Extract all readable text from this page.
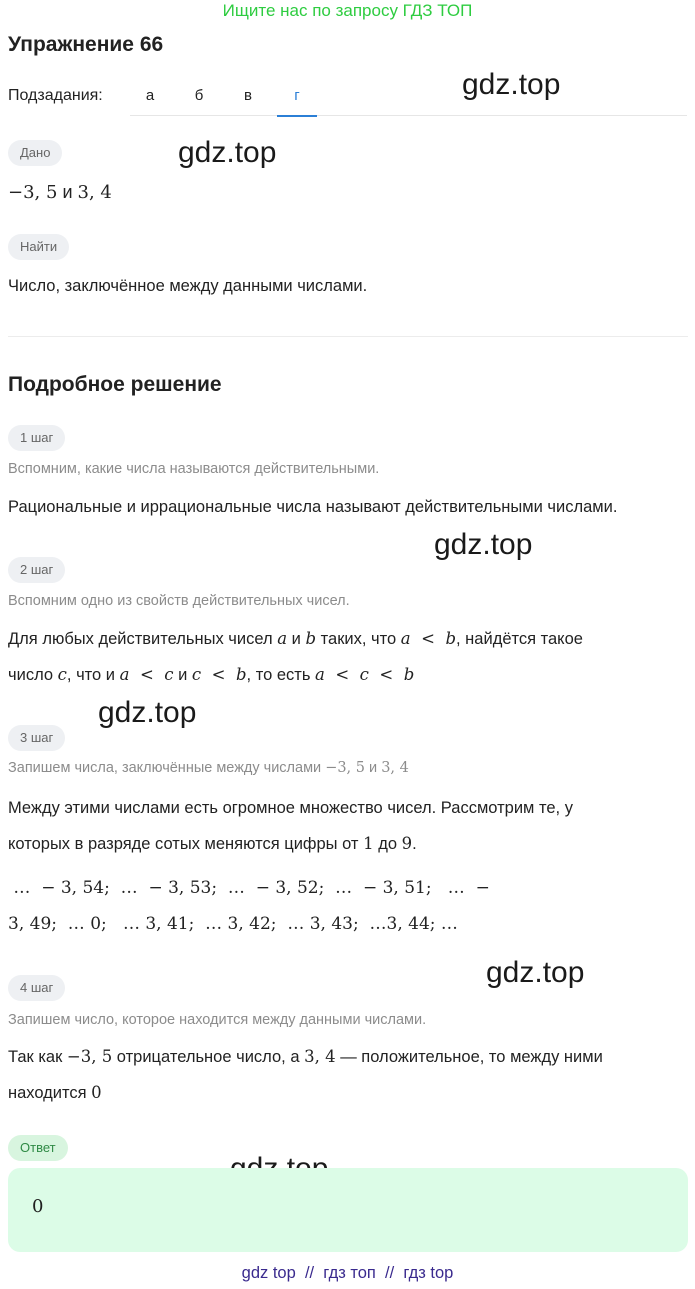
Ищите нас по запросу ГДЗ ТОП
Упражнение 66
Подзадания:	а	б	в	г	gdz.top
gdz.top
gdz.top
gdz.top
gdz.top
Дано
−3, 5 и 3, 4
Найти
Число, заключённое между данными числами.
Подробное решение
1 шаг
Вспомним, какие числа называются действительными.
Рациональные и иррациональные числа называют действительными числами.
2 шаг
Вспомним одно из свойств действительных чисел.
Для любых действительных чисел a и b таких, что a  <  b, найдётся такое
число c, что и a  <  c и c  <  b, то есть a  <  c  <  b
3 шаг
Запишем числа, заключённые между числами −3, 5 и 3, 4
Между этими числами есть огромное множество чисел. Рассмотрим те, у
которых в разряде сотых меняются цифры от 1 до 9.
…  − 3, 54;  …  − 3, 53;  …  − 3, 52;  …  − 3, 51;   …  −
3, 49;  … 0;   … 3, 41;  … 3, 42;  … 3, 43;  …3, 44; …
4 шаг
Запишем число, которое находится между данными числами.
Так как −3, 5 отрицательное число, а 3, 4 — положительное, то между ними
находится 0
Ответ
0
gdz top  //  гдз топ  //  гдз top
